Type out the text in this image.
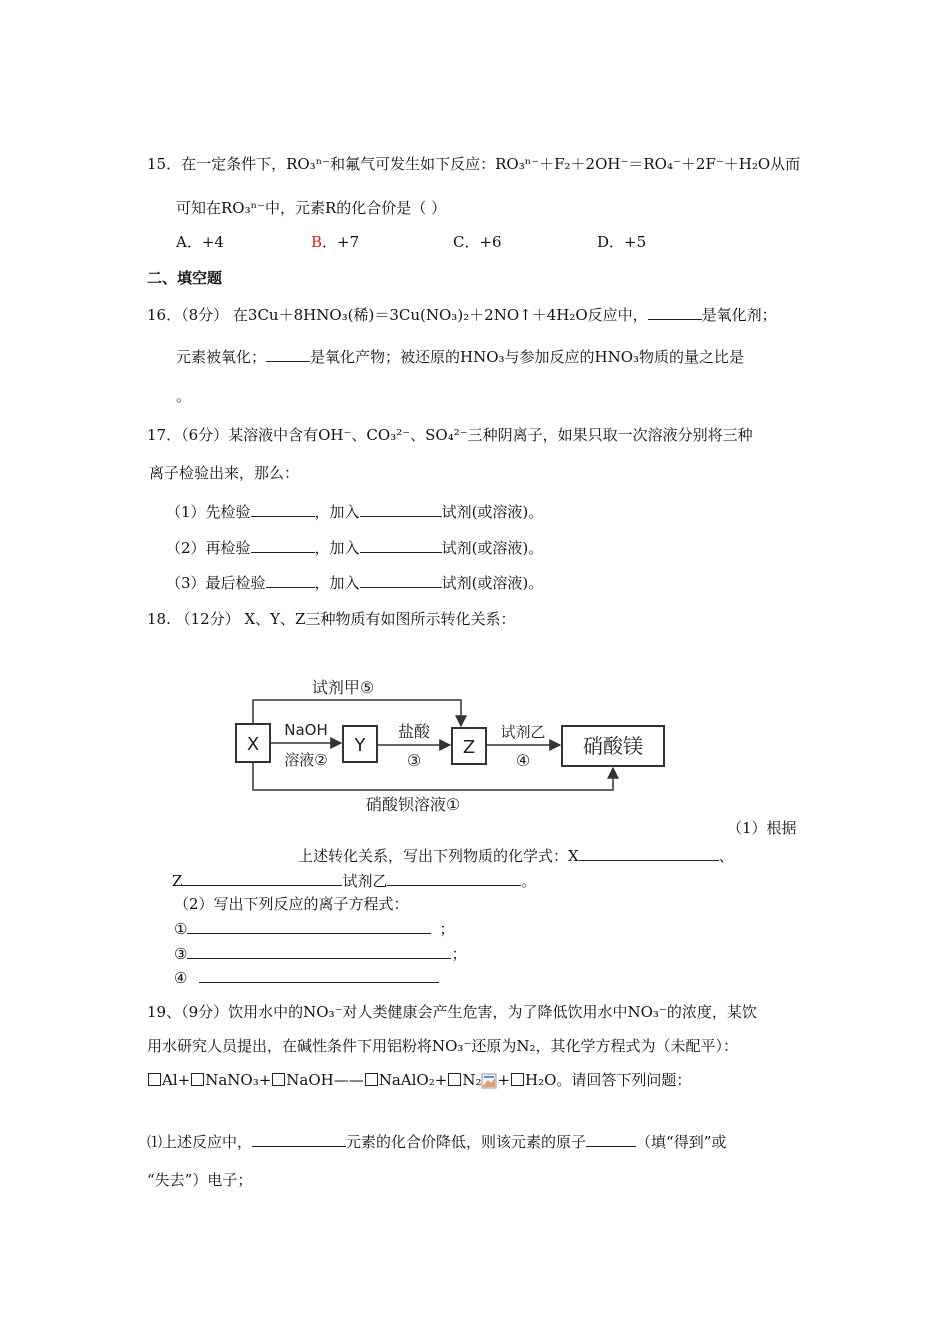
15．在一定条件下，RO₃ⁿ⁻和氟气可发生如下反应：RO₃ⁿ⁻＋F₂＋2OH⁻＝RO₄⁻＋2F⁻＋H₂O从而
可知在RO₃ⁿ⁻中，元素R的化合价是（ ）
A．+4	B．+7	C．+6	D．+5
二、填空题
16．（8分） 在3Cu＋8HNO₃(稀)＝3Cu(NO₃)₂＋2NO↑＋4H₂O反应中，	是氧化剂；
元素被氧化；	是氧化产物；被还原的HNO₃与参加反应的HNO₃物质的量之比是
。
17．（6分）某溶液中含有OH⁻、CO₃²⁻、SO₄²⁻三种阴离子，如果只取一次溶液分别将三种
离子检验出来，那么：
（1）先检验	，加入	试剂(或溶液)。
（2）再检验	，加入	试剂(或溶液)。
（3）最后检验	，加入	试剂(或溶液)。
18. （12分） X、Y、Z三种物质有如图所示转化关系：
X	Y	Z	硝酸镁
试剂甲⑤
NaOH
溶液②
盐酸
③
试剂乙
④
硝酸钡溶液①
（1）根据
上述转化关系，写出下列物质的化学式：X	、
Z	试剂乙	。
（2）写出下列反应的离子方程式：
①	；
③	；
④
19、（9分）饮用水中的NO₃⁻对人类健康会产生危害，为了降低饮用水中NO₃⁻的浓度，某饮
用水研究人员提出，在碱性条件下用铝粉将NO₃⁻还原为N₂，其化学方程式为（未配平）：
Al+ NaNO₃+ NaOH—— NaAlO₂+ N₂ + H₂O。请回答下列问题：
⑴上述反应中，	元素的化合价降低，则该元素的原子	（填“得到”或
“失去”）电子；
